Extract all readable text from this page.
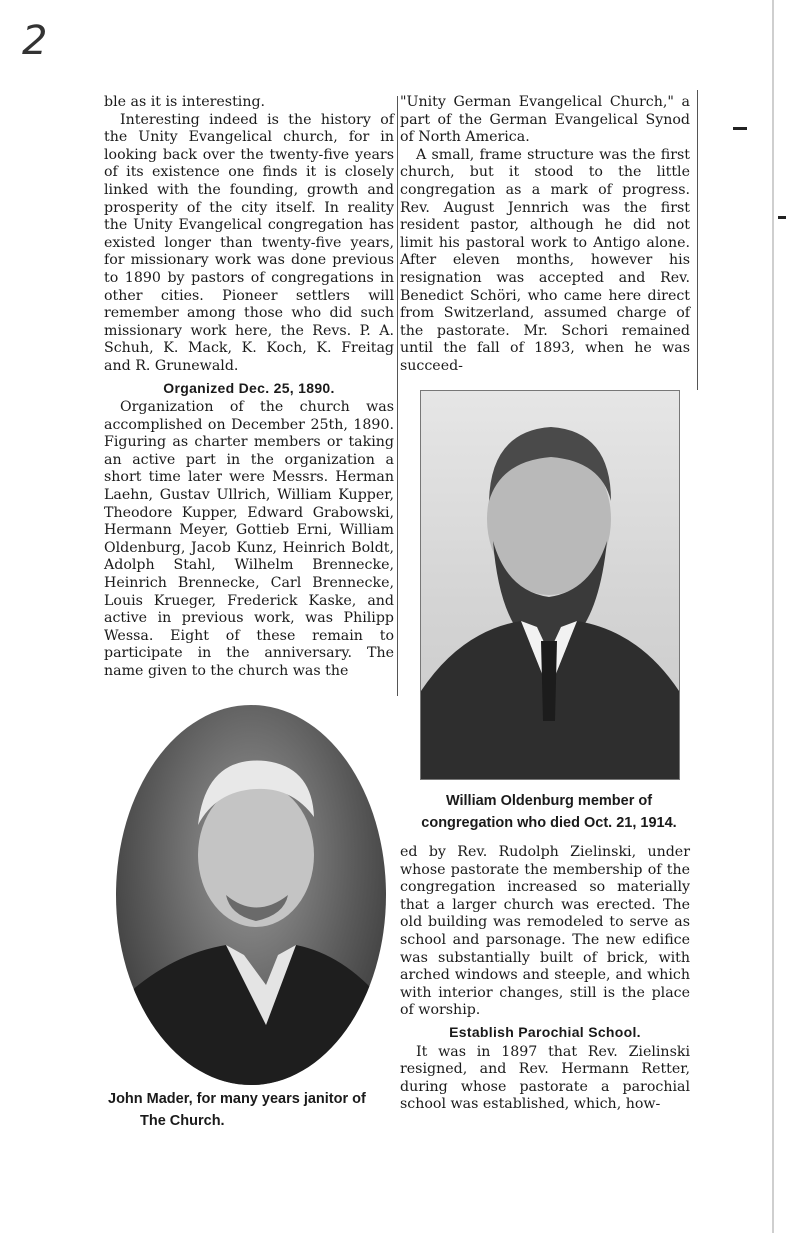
2

ble as it is interesting.

Interesting indeed is the history of the Unity Evangelical church, for in looking back over the twenty-five years of its existence one finds it is closely linked with the founding, growth and prosperity of the city itself. In reality the Unity Evangelical congregation has existed longer than twenty-five years, for missionary work was done previous to 1890 by pastors of congregations in other cities. Pioneer settlers will remember among those who did such missionary work here, the Revs. P. A. Schuh, K. Mack, K. Koch, K. Freitag and R. Grunewald.

Organized Dec. 25, 1890.

Organization of the church was accomplished on December 25th, 1890. Figuring as charter members or taking an active part in the organization a short time later were Messrs. Herman Laehn, Gustav Ullrich, William Kupper, Theodore Kupper, Edward Grabowski, Hermann Meyer, Gottieb Erni, William Oldenburg, Jacob Kunz, Heinrich Boldt, Adolph Stahl, Wilhelm Brennecke, Heinrich Brennecke, Carl Brennecke, Louis Krueger, Frederick Kaske, and active in previous work, was Philipp Wessa. Eight of these remain to participate in the anniversary. The name given to the church was the

"Unity German Evangelical Church," a part of the German Evangelical Synod of North America.

A small, frame structure was the first church, but it stood to the little congregation as a mark of progress. Rev. August Jennrich was the first resident pastor, although he did not limit his pastoral work to Antigo alone. After eleven months, however his resignation was accepted and Rev. Benedict Schöri, who came here direct from Switzerland, assumed charge of the pastorate. Mr. Schori remained until the fall of 1893, when he was succeed-

William Oldenburg member of congregation who died Oct. 21, 1914.

ed by Rev. Rudolph Zielinski, under whose pastorate the membership of the congregation increased so materially that a larger church was erected. The old building was remodeled to serve as school and parsonage. The new edifice was substantially built of brick, with arched windows and steeple, and which with interior changes, still is the place of worship.

Establish Parochial School.

It was in 1897 that Rev. Zielinski resigned, and Rev. Hermann Retter, during whose pastorate a parochial school was established, which, how-

John Mader, for many years janitor of
The Church.
